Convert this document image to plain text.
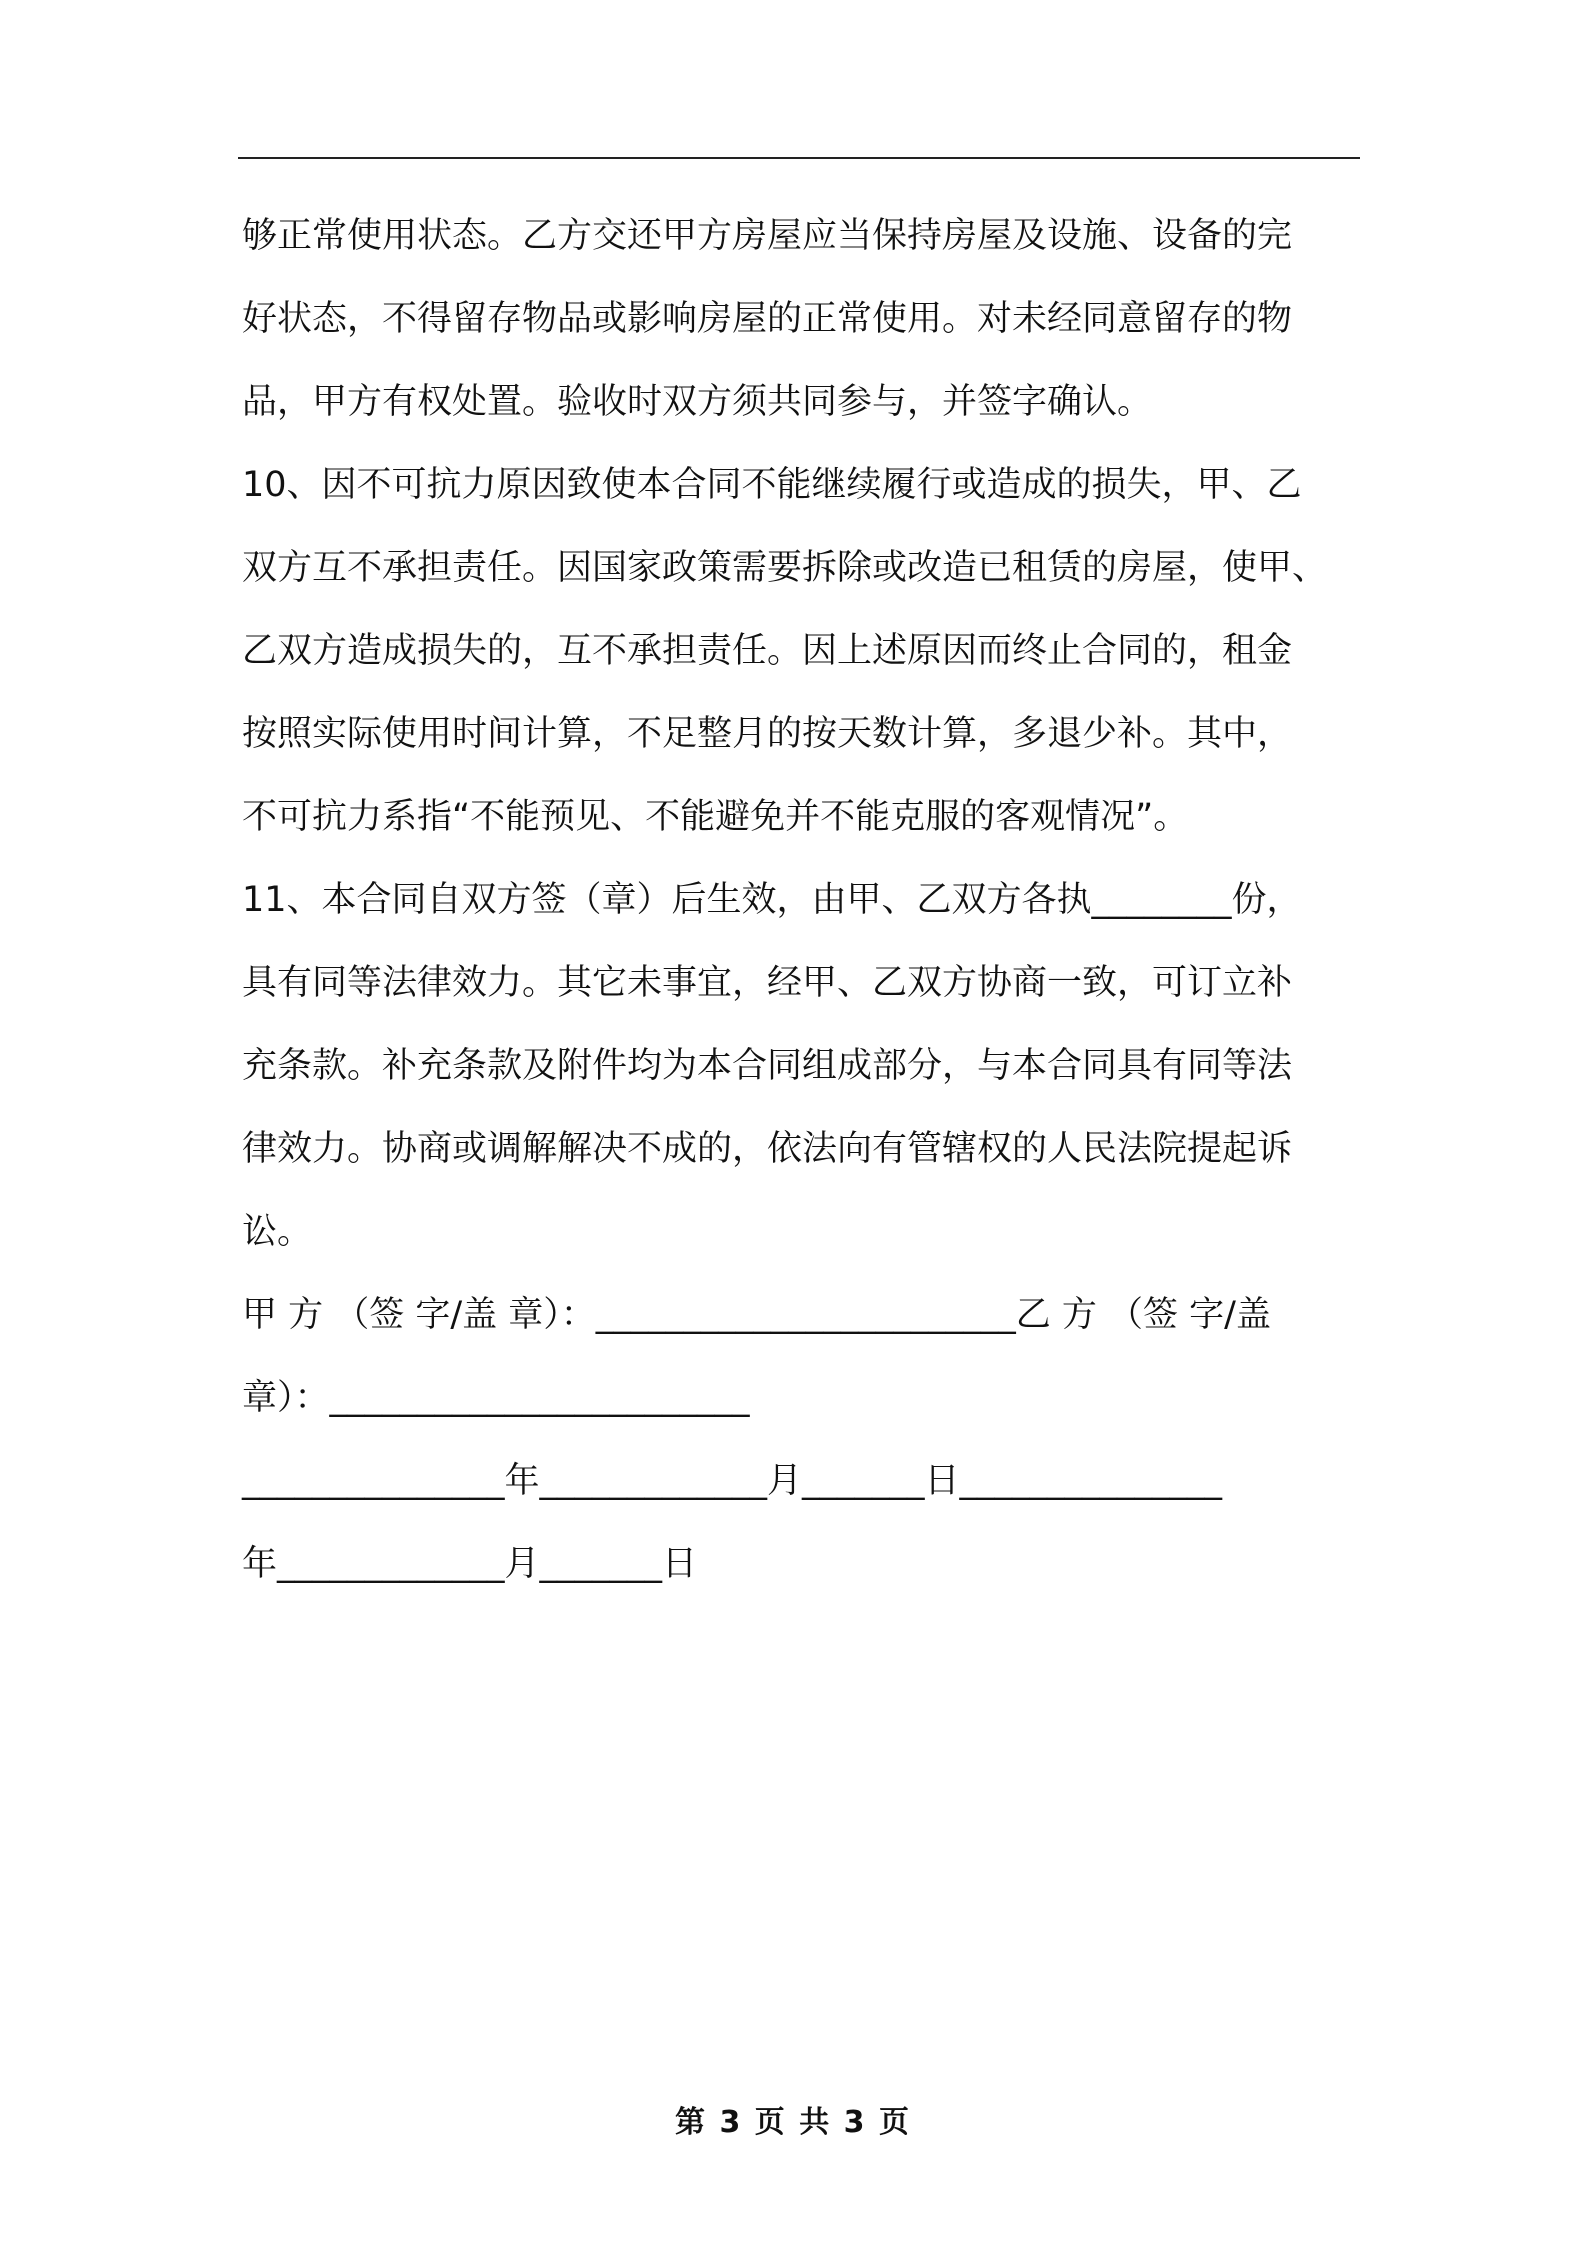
够正常使用状态。乙方交还甲方房屋应当保持房屋及设施、设备的完
好状态，不得留存物品或影响房屋的正常使用。对未经同意留存的物
品，甲方有权处置。验收时双方须共同参与，并签字确认。
10、因不可抗力原因致使本合同不能继续履行或造成的损失，甲、乙
双方互不承担责任。因国家政策需要拆除或改造已租赁的房屋，使甲、
乙双方造成损失的，互不承担责任。因上述原因而终止合同的，租金
按照实际使用时间计算，不足整月的按天数计算，多退少补。其中，
不可抗力系指“不能预见、不能避免并不能克服的客观情况”。
11、本合同自双方签（章）后生效，由甲、乙双方各执________份，
具有同等法律效力。其它未事宜，经甲、乙双方协商一致，可订立补
充条款。补充条款及附件均为本合同组成部分，与本合同具有同等法
律效力。协商或调解解决不成的，依法向有管辖权的人民法院提起诉
讼。
甲 方 （签 字/盖 章）：________________________乙 方 （签 字/盖
章）：________________________
_______________年_____________月_______日_______________
年_____________月_______日
第 3 页 共 3 页
